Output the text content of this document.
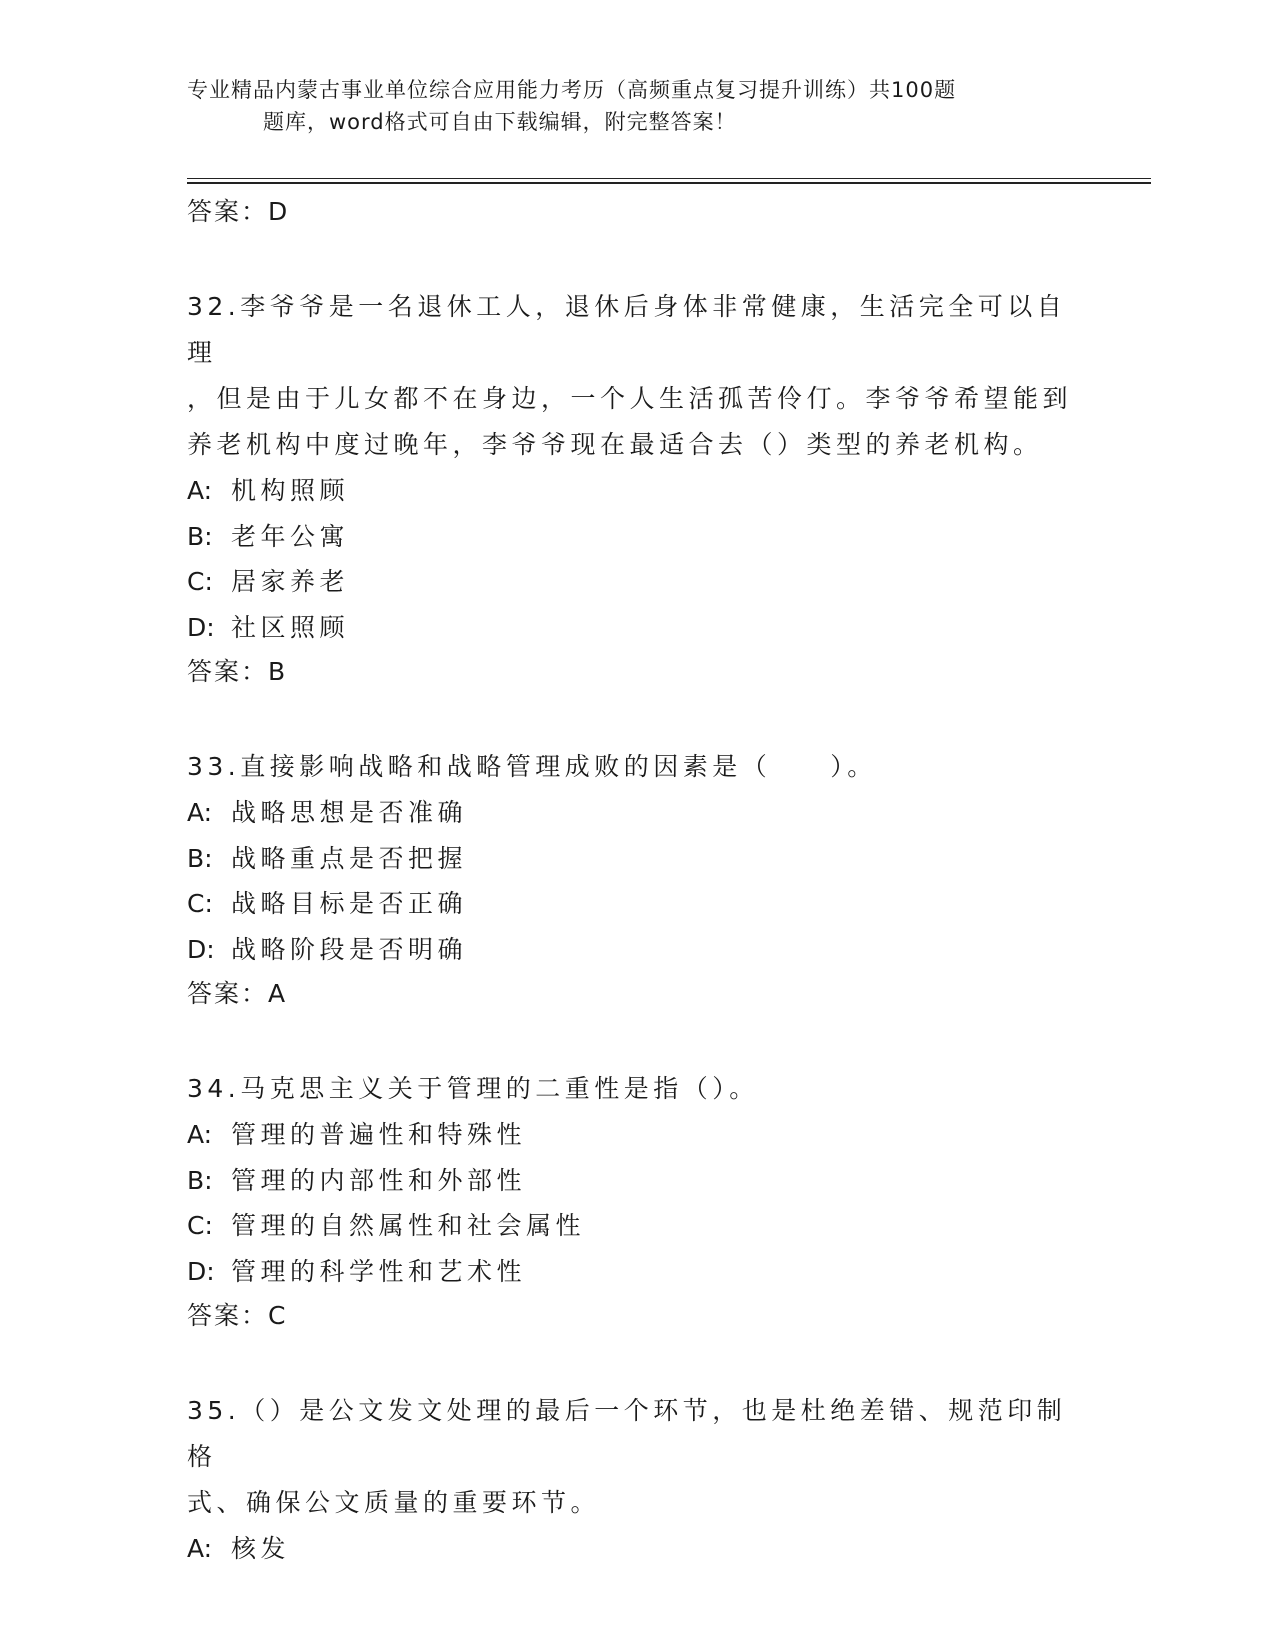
专业精品内蒙古事业单位综合应用能力考历（高频重点复习提升训练）共100题
题库，word格式可自由下载编辑，附完整答案！
答案：D
32.李爷爷是一名退休工人，退休后身体非常健康，生活完全可以自理
，但是由于儿女都不在身边，一个人生活孤苦伶仃。李爷爷希望能到
养老机构中度过晚年，李爷爷现在最适合去（）类型的养老机构。
A: 机构照顾
B: 老年公寓
C: 居家养老
D: 社区照顾
答案：B
33.直接影响战略和战略管理成败的因素是（　　）。
A: 战略思想是否准确
B: 战略重点是否把握
C: 战略目标是否正确
D: 战略阶段是否明确
答案：A
34.马克思主义关于管理的二重性是指（）。
A: 管理的普遍性和特殊性
B: 管理的内部性和外部性
C: 管理的自然属性和社会属性
D: 管理的科学性和艺术性
答案：C
35.（）是公文发文处理的最后一个环节，也是杜绝差错、规范印制格
式、确保公文质量的重要环节。
A: 核发
